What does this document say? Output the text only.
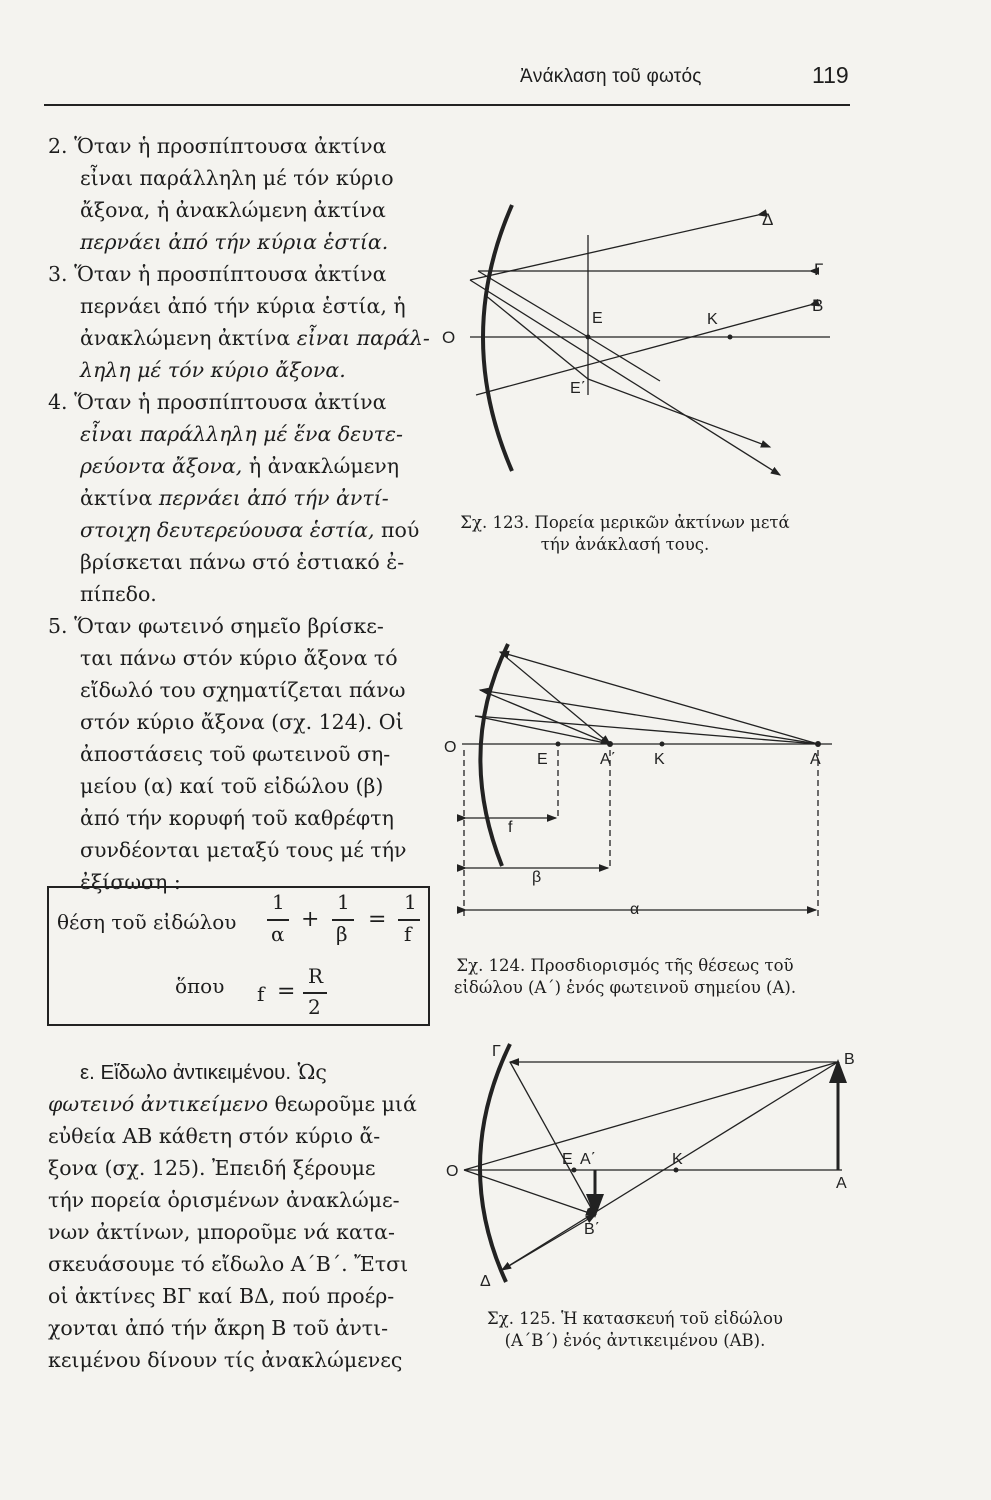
Ἀνάκλαση τοῦ φωτός	119
2. Ὅταν ἡ προσπίπτουσα ἀκτίνα
εἶναι παράλληλη μέ τόν κύριο
ἄξονα, ἡ ἀνακλώμενη ἀκτίνα
περνάει ἀπό τήν κύρια ἑστία.
3. Ὅταν ἡ προσπίπτουσα ἀκτίνα
περνάει ἀπό τήν κύρια ἑστία, ἡ
ἀνακλώμενη ἀκτίνα εἶναι παράλ-
ληλη μέ τόν κύριο ἄξονα.
4. Ὅταν ἡ προσπίπτουσα ἀκτίνα
εἶναι παράλληλη μέ ἕνα δευτε-
ρεύοντα ἄξονα, ἡ ἀνακλώμενη
ἀκτίνα περνάει ἀπό τήν ἀντί-
στοιχη δευτερεύουσα ἑστία, πού
βρίσκεται πάνω στό ἑστιακό ἐ-
πίπεδο.
5. Ὅταν φωτεινό σημεῖο βρίσκε-
ται πάνω στόν κύριο ἄξονα τό
εἴδωλό του σχηματίζεται πάνω
στόν κύριο ἄξονα (σχ. 124). Οἱ
ἀποστάσεις τοῦ φωτεινοῦ ση-
μείου (α) καί τοῦ εἰδώλου (β)
ἀπό τήν κορυφή τοῦ καθρέφτη
συνδέονται μεταξύ τους μέ τήν
ἐξίσωση :
θέση τοῦ εἰδώλου
1
α
+
1
β
=
1
f
ὅπου f =
R
2
ε. Εἴδωλο ἀντικειμένου. Ὡς
φωτεινό ἀντικείμενο θεωροῦμε μιά
εὐθεία ΑΒ κάθετη στόν κύριο ἄ-
ξονα (σχ. 125). Ἐπειδή ξέρουμε
τήν πορεία ὁρισμένων ἀνακλώμε-
νων ἀκτίνων, μποροῦμε νά κατα-
σκευάσουμε τό εἴδωλο Α΄Β΄. Ἔτσι
οἱ ἀκτίνες ΒΓ καί ΒΔ, πού προέρ-
χονται ἀπό τήν ἄκρη Β τοῦ ἀντι-
κειμένου δίνουν τίς ἀνακλώμενες
Ο
Ε	Κ
Ε΄
Δ
Γ
Β
Σχ. 123. Πορεία μερικῶν ἀκτίνων μετά
τήν ἀνάκλασή τους.
Ο
Ε	Α΄ Κ	Α
f
β
α
Σχ. 124. Προσδιορισμός τῆς θέσεως τοῦ
εἰδώλου (Α΄) ἑνός φωτεινοῦ σημείου (Α).
Γ	Β
Ο
Ε Α΄	Κ
Α
Β΄
Δ
Σχ. 125. Ἡ κατασκευή τοῦ εἰδώλου
(Α΄Β΄) ἑνός ἀντικειμένου (ΑΒ).
